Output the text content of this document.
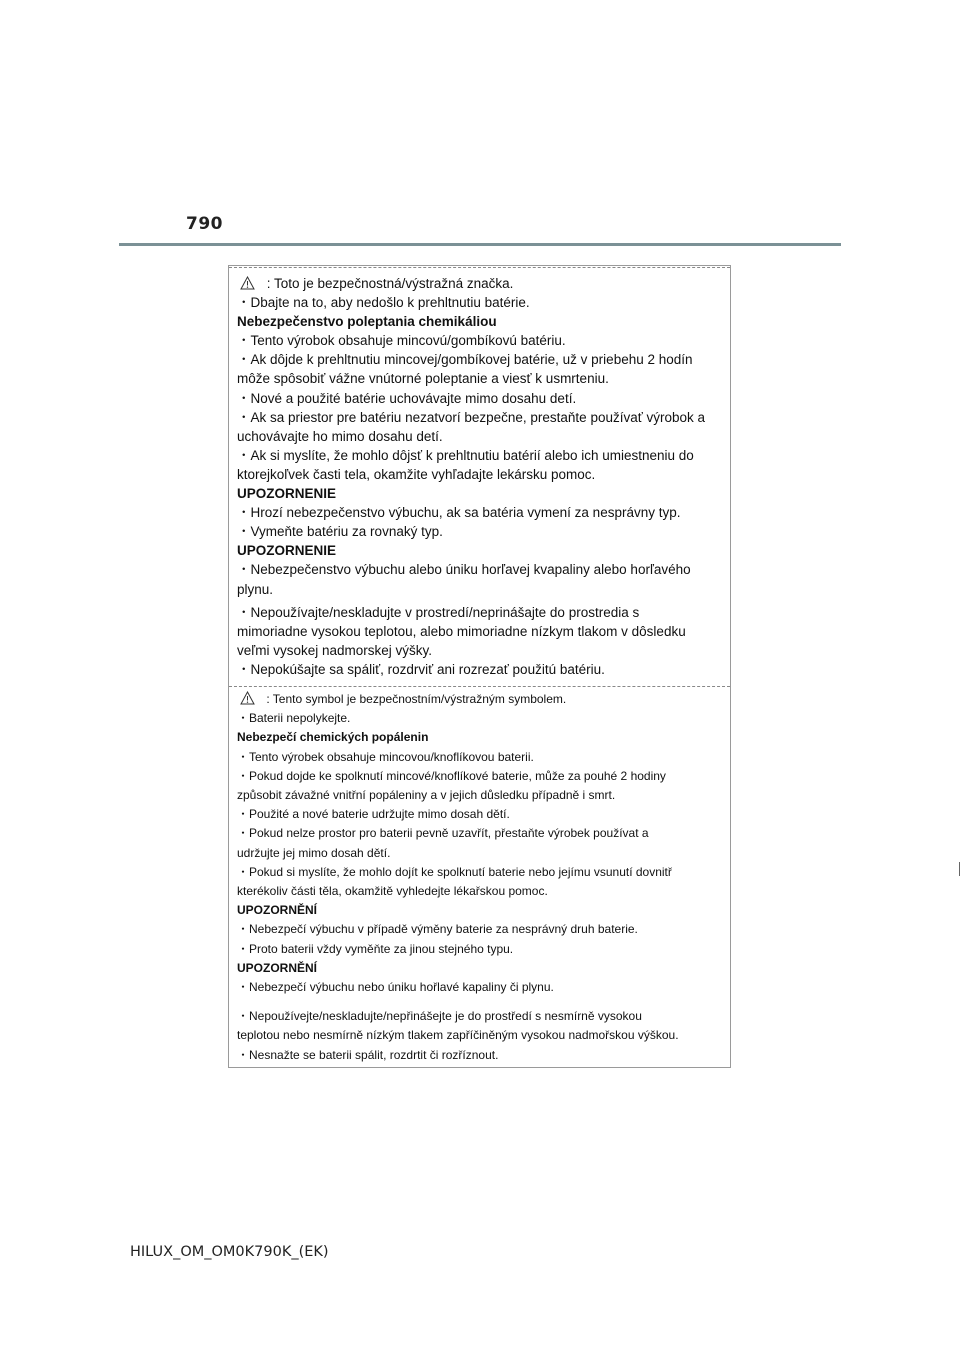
790
: Toto je bezpečnostná/výstražná značka.
・Dbajte na to, aby nedošlo k prehltnutiu batérie.
Nebezpečenstvo poleptania chemikáliou
・Tento výrobok obsahuje mincovú/gombíkovú batériu.
・Ak dôjde k prehltnutiu mincovej/gombíkovej batérie, už v priebehu 2 hodín
môže spôsobiť vážne vnútorné poleptanie a viesť k usmrteniu.
・Nové a použité batérie uchovávajte mimo dosahu detí.
・Ak sa priestor pre batériu nezatvorí bezpečne, prestaňte používať výrobok a
uchovávajte ho mimo dosahu detí.
・Ak si myslíte, že mohlo dôjsť k prehltnutiu batérií alebo ich umiestneniu do
ktorejkoľvek časti tela, okamžite vyhľadajte lekársku pomoc.
UPOZORNENIE
・Hrozí nebezpečenstvo výbuchu, ak sa batéria vymení za nesprávny typ.
・Vymeňte batériu za rovnaký typ.
UPOZORNENIE
・Nebezpečenstvo výbuchu alebo úniku horľavej kvapaliny alebo horľavého
plynu.
・Nepoužívajte/neskladujte v prostredí/neprinášajte do prostredia s
mimoriadne vysokou teplotou, alebo mimoriadne nízkym tlakom v dôsledku
veľmi vysokej nadmorskej výšky.
・Nepokúšajte sa spáliť, rozdrviť ani rozrezať použitú batériu.
: Tento symbol je bezpečnostním/výstražným symbolem.
・Baterii nepolykejte.
Nebezpečí chemických popálenin
・Tento výrobek obsahuje mincovou/knoflíkovou baterii.
・Pokud dojde ke spolknutí mincové/knoflíkové baterie, může za pouhé 2 hodiny
způsobit závažné vnitřní popáleniny a v jejich důsledku případně i smrt.
・Použité a nové baterie udržujte mimo dosah dětí.
・Pokud nelze prostor pro baterii pevně uzavřít, přestaňte výrobek používat a
udržujte jej mimo dosah dětí.
・Pokud si myslíte, že mohlo dojít ke spolknutí baterie nebo jejímu vsunutí dovnitř
kterékoliv části těla, okamžitě vyhledejte lékařskou pomoc.
UPOZORNĚNÍ
・Nebezpečí výbuchu v případě výměny baterie za nesprávný druh baterie.
・Proto baterii vždy vyměňte za jinou stejného typu.
UPOZORNĚNÍ
・Nebezpečí výbuchu nebo úniku hořlavé kapaliny či plynu.
・Nepoužívejte/neskladujte/nepřinášejte je do prostředí s nesmírně vysokou
teplotou nebo nesmírně nízkým tlakem zapříčiněným vysokou nadmořskou výškou.
・Nesnažte se baterii spálit, rozdrtit či rozříznout.
HILUX_OM_OM0K790K_(EK)
